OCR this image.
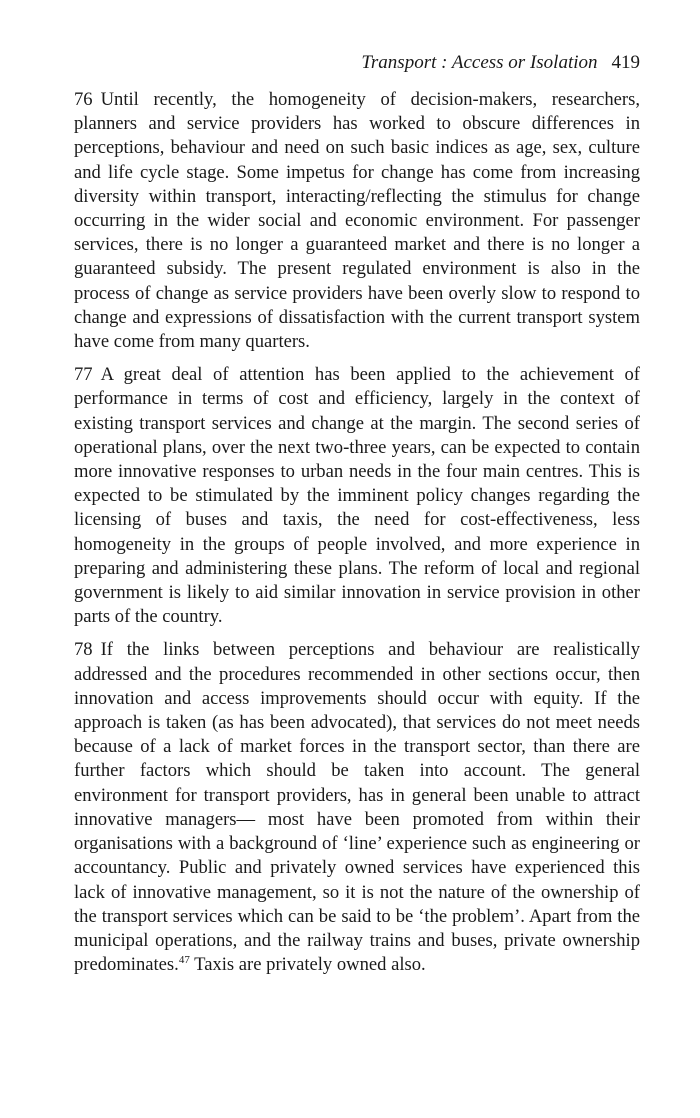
Transport : Access or Isolation 419

76 Until recently, the homogeneity of decision-makers, researchers, planners and service providers has worked to obscure differences in perceptions, behaviour and need on such basic indices as age, sex, culture and life cycle stage. Some impetus for change has come from increasing diversity within transport, interacting/reflecting the stimulus for change occurring in the wider social and economic environment. For passenger services, there is no longer a guaranteed market and there is no longer a guaranteed subsidy. The present regulated environment is also in the process of change as service providers have been overly slow to respond to change and expressions of dissatisfaction with the current transport system have come from many quarters.

77 A great deal of attention has been applied to the achievement of performance in terms of cost and efficiency, largely in the context of existing transport services and change at the margin. The second series of operational plans, over the next two-three years, can be expected to contain more innovative responses to urban needs in the four main centres. This is expected to be stimulated by the imminent policy changes regarding the licensing of buses and taxis, the need for cost-effectiveness, less homogeneity in the groups of people involved, and more experience in preparing and administering these plans. The reform of local and regional government is likely to aid similar innovation in service provision in other parts of the country.

78 If the links between perceptions and behaviour are realistically addressed and the procedures recommended in other sections occur, then innovation and access improvements should occur with equity. If the approach is taken (as has been advocated), that services do not meet needs because of a lack of market forces in the transport sector, than there are further factors which should be taken into account. The general environment for transport providers, has in general been unable to attract innovative managers— most have been promoted from within their organisations with a background of ‘line’ experience such as engineering or accountancy. Public and privately owned services have experienced this lack of innovative management, so it is not the nature of the ownership of the transport services which can be said to be ‘the problem’. Apart from the municipal operations, and the railway trains and buses, private ownership predominates.$^{47}$ Taxis are privately owned also.
